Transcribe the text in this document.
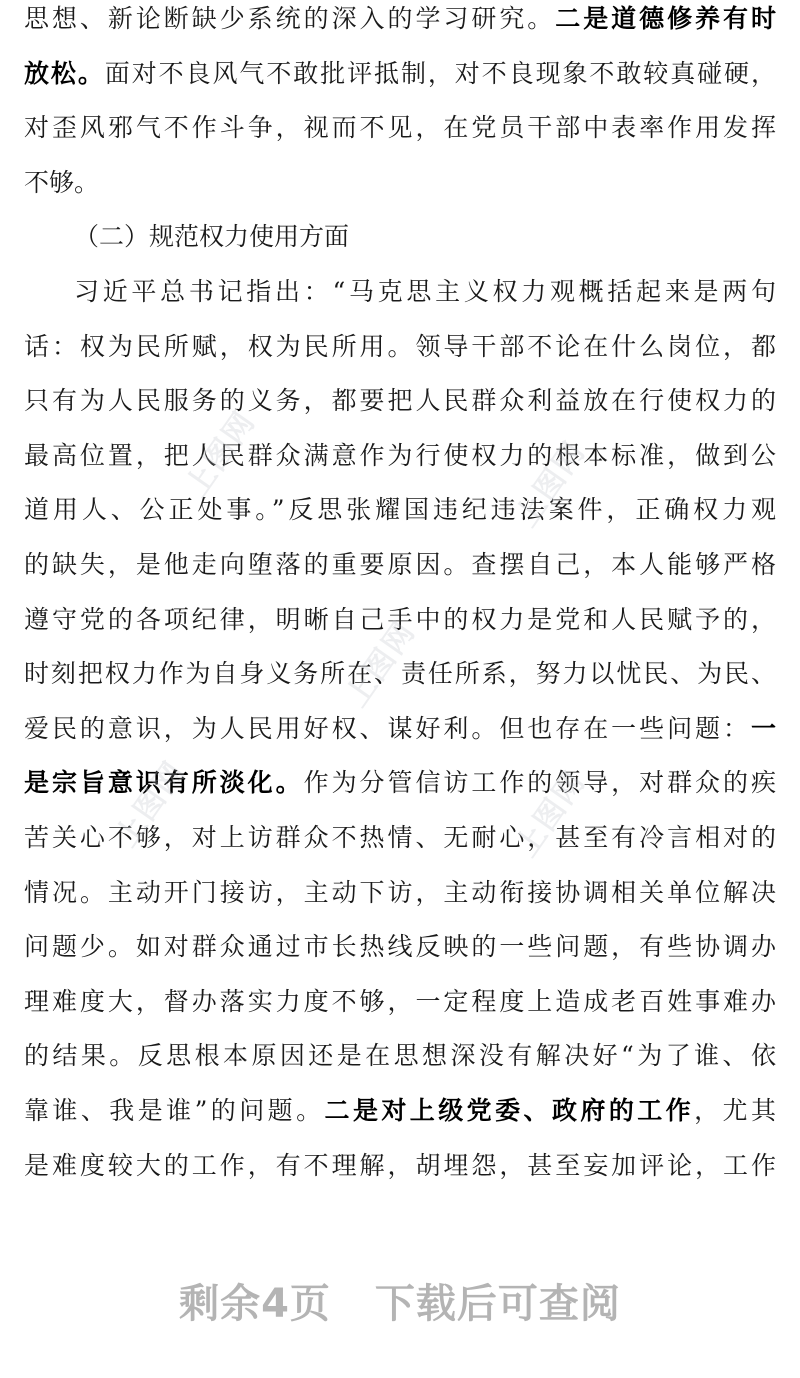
思想、新论断缺少系统的深入的学习研究。二是道德修养有时
放松。面对不良风气不敢批评抵制，对不良现象不敢较真碰硬，
对歪风邪气不作斗争，视而不见，在党员干部中表率作用发挥
不够。
（二）规范权力使用方面
习近平总书记指出：“马克思主义权力观概括起来是两句
话：权为民所赋，权为民所用。领导干部不论在什么岗位，都
只有为人民服务的义务，都要把人民群众利益放在行使权力的
最高位置，把人民群众满意作为行使权力的根本标准，做到公
道用人、公正处事。”反思张耀国违纪违法案件，正确权力观
的缺失，是他走向堕落的重要原因。查摆自己，本人能够严格
遵守党的各项纪律，明晰自己手中的权力是党和人民赋予的，
时刻把权力作为自身义务所在、责任所系，努力以忧民、为民、
爱民的意识，为人民用好权、谋好利。但也存在一些问题：一
是宗旨意识有所淡化。作为分管信访工作的领导，对群众的疾
苦关心不够，对上访群众不热情、无耐心，甚至有冷言相对的
情况。主动开门接访，主动下访，主动衔接协调相关单位解决
问题少。如对群众通过市长热线反映的一些问题，有些协调办
理难度大，督办落实力度不够，一定程度上造成老百姓事难办
的结果。反思根本原因还是在思想深没有解决好“为了谁、依
靠谁、我是谁”的问题。二是对上级党委、政府的工作，尤其
是难度较大的工作，有不理解，胡埋怨，甚至妄加评论，工作
上图网
上图网
上图网
上图网	上图网
剩余4页 下载后可查阅
